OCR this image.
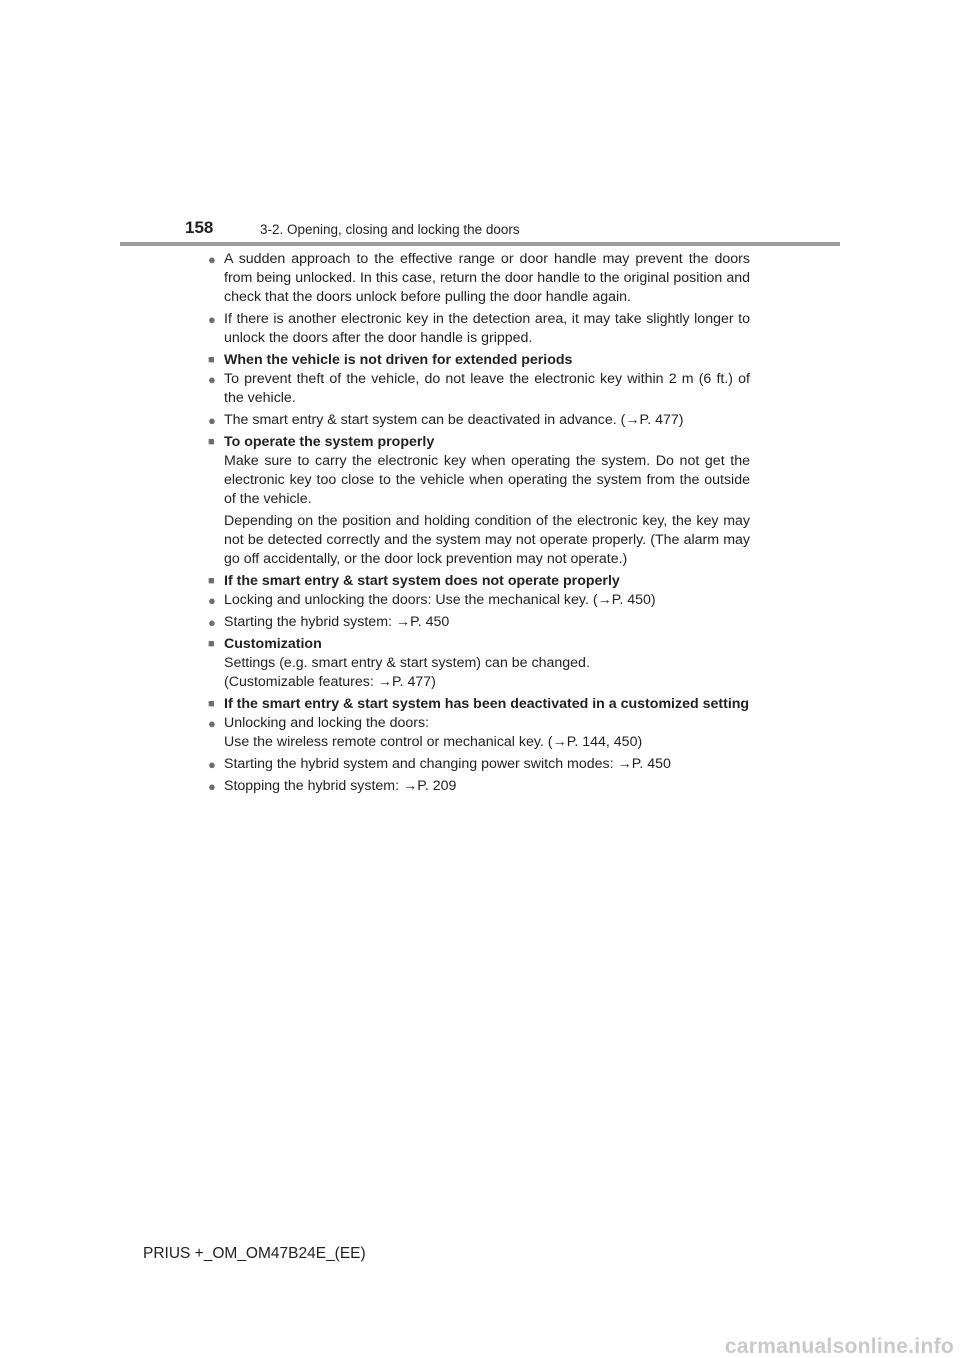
158	3-2. Opening, closing and locking the doors
● A sudden approach to the effective range or door handle may prevent the doors from being unlocked. In this case, return the door handle to the original position and check that the doors unlock before pulling the door handle again.
● If there is another electronic key in the detection area, it may take slightly longer to unlock the doors after the door handle is gripped.
■ When the vehicle is not driven for extended periods
● To prevent theft of the vehicle, do not leave the electronic key within 2 m (6 ft.) of the vehicle.
● The smart entry & start system can be deactivated in advance. (→P. 477)
■ To operate the system properly
Make sure to carry the electronic key when operating the system. Do not get the electronic key too close to the vehicle when operating the system from the outside of the vehicle.
Depending on the position and holding condition of the electronic key, the key may not be detected correctly and the system may not operate properly. (The alarm may go off accidentally, or the door lock prevention may not operate.)
■ If the smart entry & start system does not operate properly
● Locking and unlocking the doors: Use the mechanical key. (→P. 450)
● Starting the hybrid system: →P. 450
■ Customization
Settings (e.g. smart entry & start system) can be changed.
(Customizable features: →P. 477)
■ If the smart entry & start system has been deactivated in a customized setting
● Unlocking and locking the doors:

Use the wireless remote control or mechanical key. (→P. 144, 450)

● Starting the hybrid system and changing power switch modes: →P. 450
● Stopping the hybrid system: →P. 209
PRIUS +_OM_OM47B24E_(EE)
carmanualsonline.info
